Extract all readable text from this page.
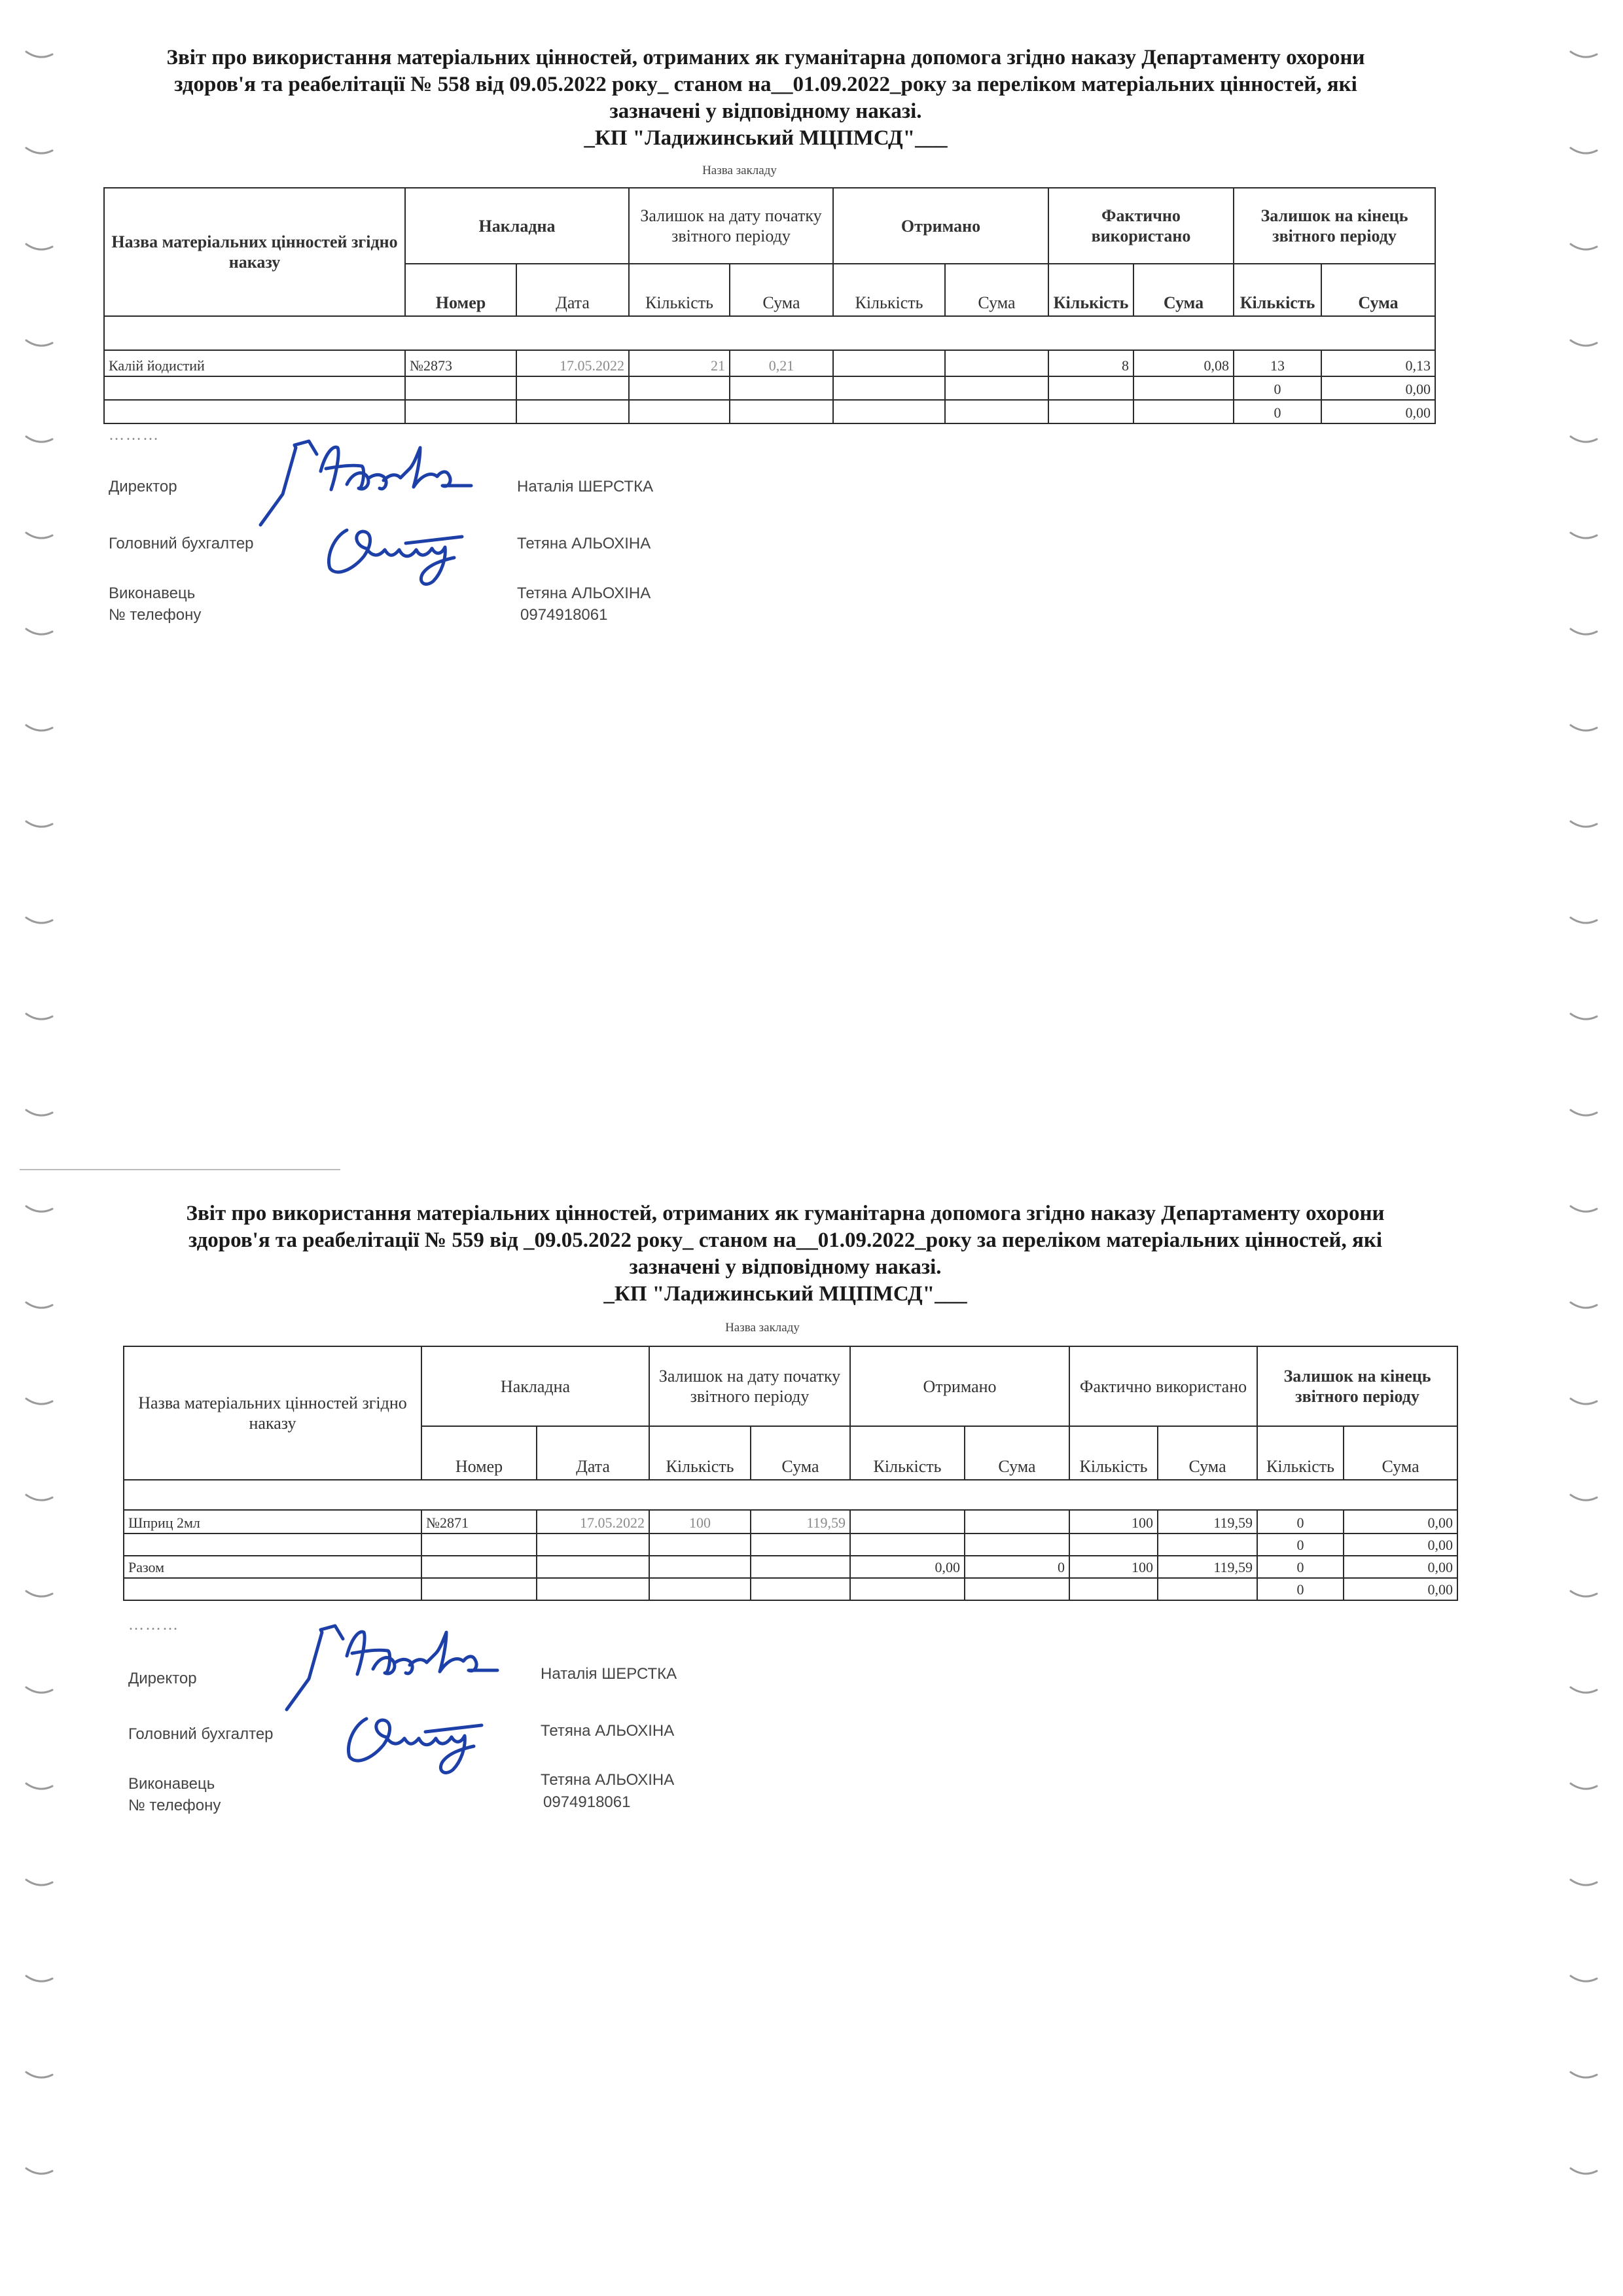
Звіт про використання матеріальних цінностей, отриманих як гуманітарна допомога згідно наказу Департаменту охорони
здоров'я та реабелітації № 558 від 09.05.2022 року_ станом на__01.09.2022_року за переліком матеріальних цінностей, які
зазначені у відповідному наказі.
_КП "Ладижинський МЦПМСД"___
Назва закладу
Назва матеріальних цінностей згідно наказу	Накладна		Залишок на дату початку звітного періоду		Отримано		Фактично використано		Залишок на кінець звітного періоду	
	Номер	Дата	Кількість	Сума	Кількість	Сума	Кількість	Сума	Кількість	Сума

Калій йодистий	№2873	17.05.2022	21	0,21			8	0,08	13	0,13
									0	0,00
									0	0,00
………
Директор	Наталія ШЕРСТКА
Головний бухгалтер	Тетяна АЛЬОХІНА
Виконавець	Тетяна АЛЬОХІНА
№ телефону	0974918061
Звіт про використання матеріальних цінностей, отриманих як гуманітарна допомога згідно наказу Департаменту охорони
здоров'я та реабелітації № 559 від _09.05.2022 року_ станом на__01.09.2022_року за переліком матеріальних цінностей, які
зазначені у відповідному наказі.
_КП "Ладижинський МЦПМСД"___
Назва закладу
Назва матеріальних цінностей згідно наказу	Накладна		Залишок на дату початку звітного періоду		Отримано		Фактично використано		Залишок на кінець звітного періоду	
	Номер	Дата	Кількість	Сума	Кількість	Сума	Кількість	Сума	Кількість	Сума

Шприц 2мл	№2871	17.05.2022	100	119,59			100	119,59	0	0,00
									0	0,00
Разом					0,00	0	100	119,59	0	0,00
									0	0,00
………
Директор	Наталія ШЕРСТКА
Головний бухгалтер	Тетяна АЛЬОХІНА
Виконавець	Тетяна АЛЬОХІНА
№ телефону	0974918061
